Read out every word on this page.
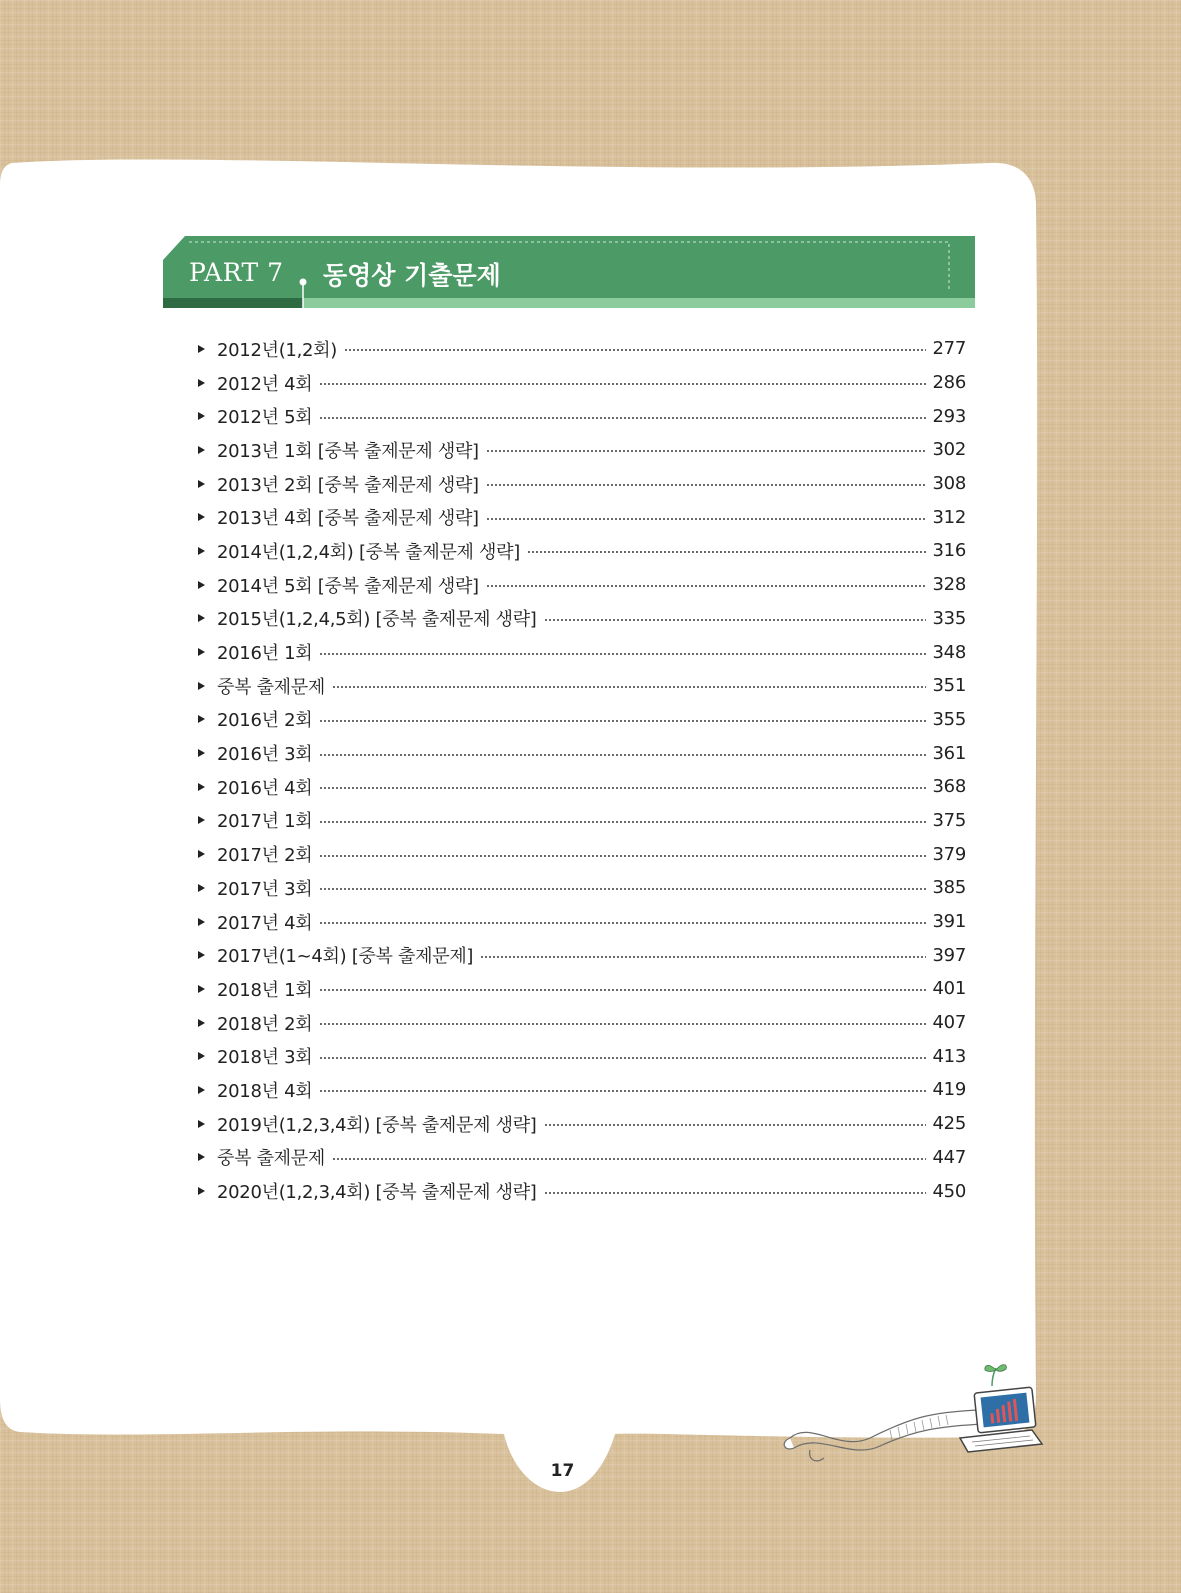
PART 7 동영상 기출문제
2012년(1,2회)	277
2012년 4회	286
2012년 5회	293
2013년 1회 [중복 출제문제 생략]	302
2013년 2회 [중복 출제문제 생략]	308
2013년 4회 [중복 출제문제 생략]	312
2014년(1,2,4회) [중복 출제문제 생략]	316
2014년 5회 [중복 출제문제 생략]	328
2015년(1,2,4,5회) [중복 출제문제 생략]	335
2016년 1회	348
중복 출제문제	351
2016년 2회	355
2016년 3회	361
2016년 4회	368
2017년 1회	375
2017년 2회	379
2017년 3회	385
2017년 4회	391
2017년(1~4회) [중복 출제문제]	397
2018년 1회	401
2018년 2회	407
2018년 3회	413
2018년 4회	419
2019년(1,2,3,4회) [중복 출제문제 생략]	425
중복 출제문제	447
2020년(1,2,3,4회) [중복 출제문제 생략]	450
17
